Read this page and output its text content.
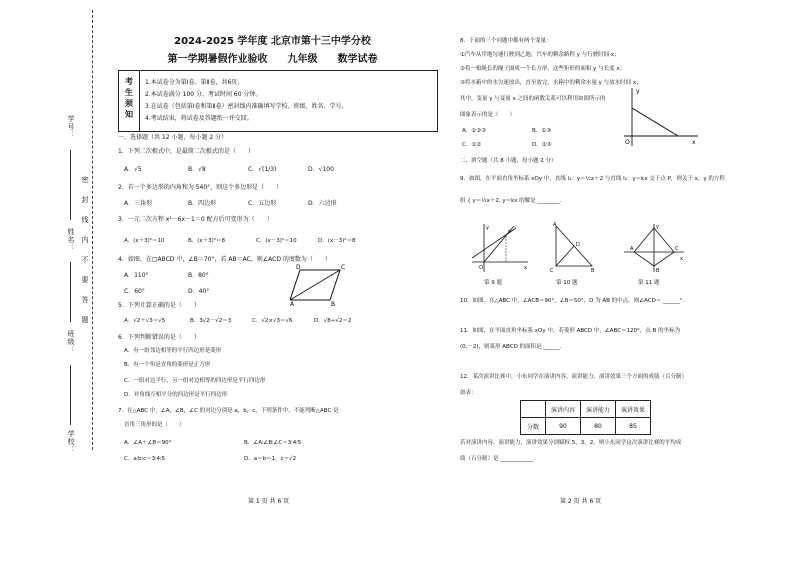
学号：
姓名：
班级：
学校：
密
封
线
内
不
要
答
题
2024-2025 学年度 北京市第十三中学分校
第一学期暑假作业验收　　九年级　　数学试卷
考生须知 1.本试卷分为第Ⅰ卷、第Ⅱ卷，共6页。
2.本试卷满分 100 分，考试时间 60 分钟。
3.在试卷（包括第Ⅰ卷和第Ⅱ卷）密封线内准确填写学校、班级、姓名、学号。
4.考试结束，将试卷及答题纸一并交回。
一、选择题（共 12 小题，每小题 2 分）
1．下列二次根式中，是最简二次根式的是（　　）
A．√5	B．√8	C．√(1/3)	D．√100
2．若一个多边形的内角和为 540°，则这个多边形是（　　）
A．三角形	B．四边形	C．五边形	D．六边形
3．一元二次方程 x²－6x－1＝0 配方后可变形为（　　）
A．(x＋3)²＝10	B．(x＋3)²＝8	C．(x－3)²＝10	D．(x－3)²＝8
4．如图，在□ABCD 中，∠B＝70°，若 AB＝AC，则∠ACD 的度数为（　　）
A．110°	B．80°
C．60°	D．40°
D	C
A	B
5．下列计算正确的是（　　）
A．√2＋√3＝√5	B．3√2－√2＝3	C．√2×√3＝√6	D．√8÷√2＝2
6．下列判断错误的是（　　）
A．有一组邻边相等的平行四边形是菱形
B．有一个角是直角的菱形是正方形
C．一组对边平行，另一组对边相等的四边形是平行四边形
D．对角线互相平分的四边形是平行四边形
7．在△ABC 中，∠A，∠B，∠C 的对边分别是 a，b，c，下列条件中，不能判断△ABC 是
直角三角形的是（　　）
A．∠A＋∠B＝90°	B．∠A∶∠B∶∠C＝3∶4∶5
C．a∶b∶c＝3∶4∶5	D．a＝b＝1，c＝√2
第 1 页 共 6 页
8．下面的三个问题中都有两个变量：
①汽车从甲地匀速行驶到乙地，汽车的剩余路程 y 与行驶时间 x；
②将一根绳长的绳子围成一个长方形，这些矩形的面积 y 与长度 x；
③将水箱中的水匀速放出，直至放完，水箱中的剩余水量 y 与放水时间 x；
其中，变量 y 与变量 x 之间的函数关系可以利用如图所示的
图象表示的是（　　）
A．①②③	B．①③
C．①②	D．②③
y
O	x
二、填空题（共 8 小题，每小题 2 分）
9．如图，在平面直角坐标系 xOy 中，直线 l₁：y＝½x＋2 与直线 l₂：y＝kx 交于点 P，则关于 x，y 的方程
组 { y＝½x＋2, y＝kx 的解是 ________．
y
P
O	x
A
D
C	B
y
A	C
B
x
第 9 题	第 10 题	第 11 题
10．如图，在△ABC 中，∠ACB＝90°，∠B＝50°，D 为 AB 的中点，则∠ACD＝ ______°．
11．如图，在平面直角坐标系 xOy 中，若菱形 ABCD 中，∠ABC＝120°，点 B 的坐标为
(0,－2)，则菱形 ABCD 的面积是 ______．
12．某次演讲比赛中，小东同学在演讲内容、演讲能力、演讲效果三个方面的成绩（百分制）
如表：
	演讲内容	演讲能力	演讲效果
分数	90	80	85
若对演讲内容、演讲能力、演讲效果分别赋权 5，3，2，则小东同学这次演讲比赛的平均成
绩（百分制）是 ____________．
第 2 页 共 6 页
